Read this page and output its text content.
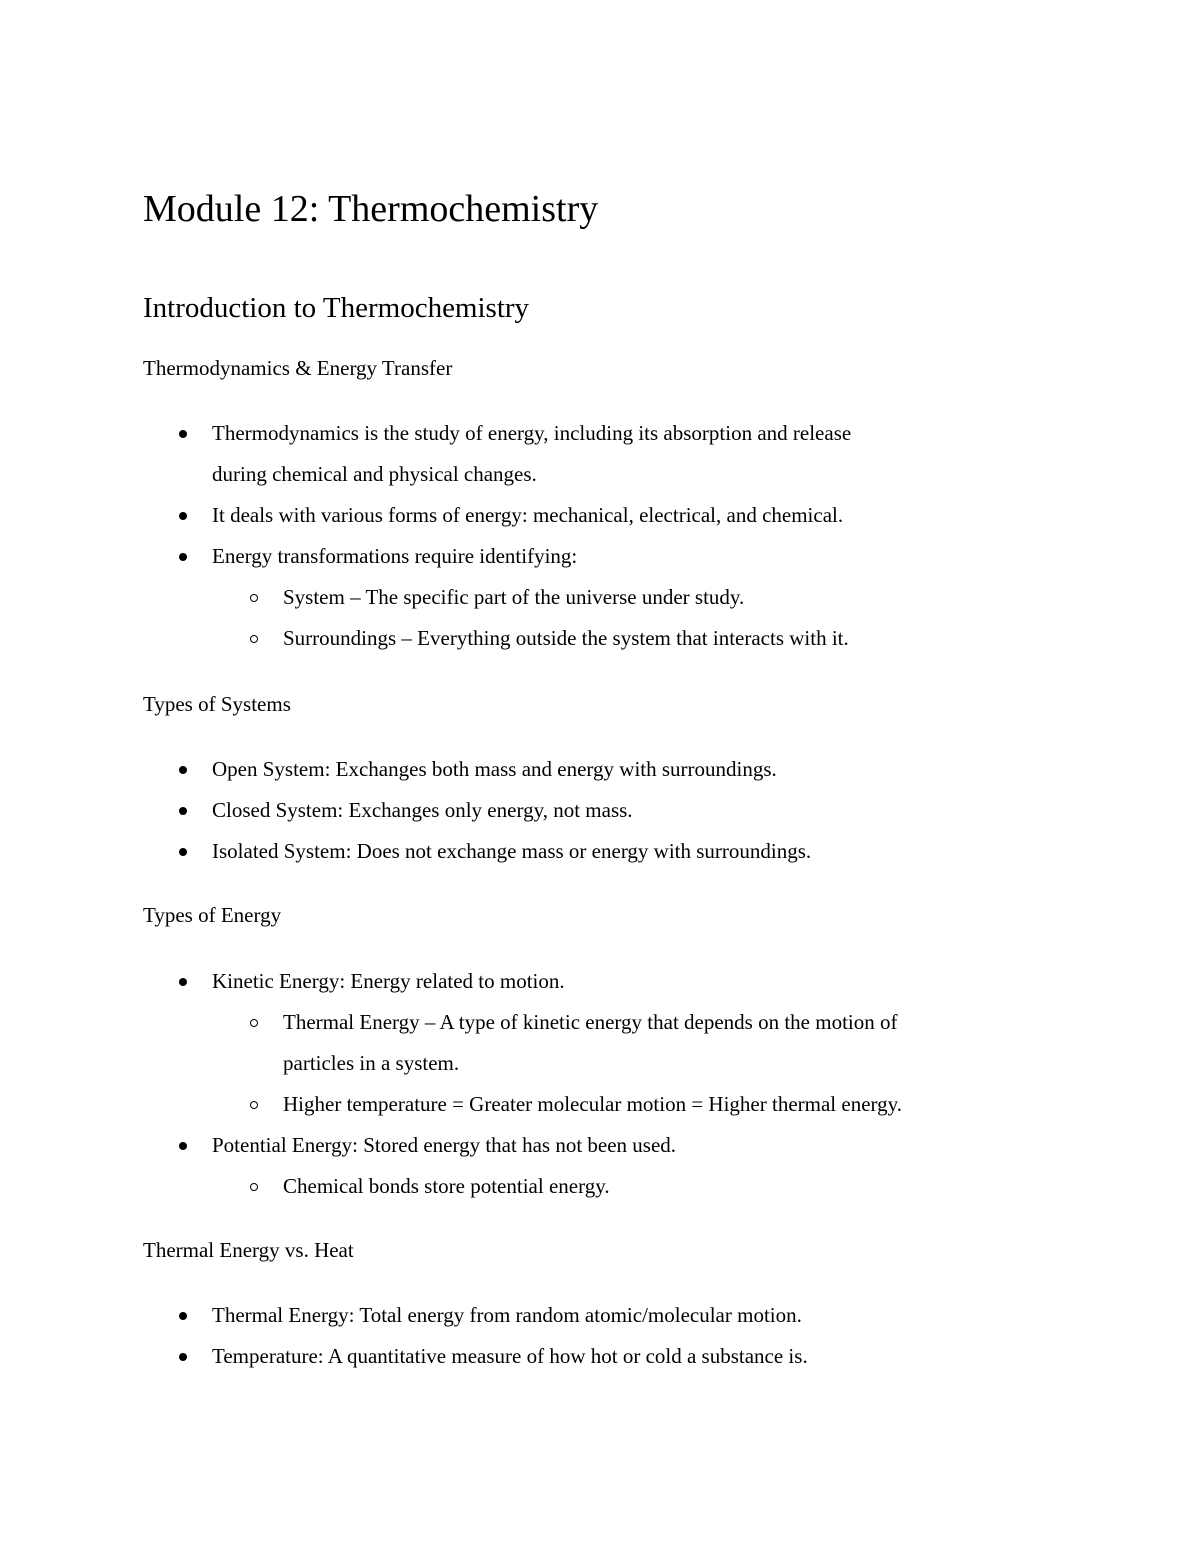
Module 12: Thermochemistry
Introduction to Thermochemistry
Thermodynamics & Energy Transfer
Thermodynamics is the study of energy, including its absorption and release
during chemical and physical changes.
It deals with various forms of energy: mechanical, electrical, and chemical.
Energy transformations require identifying:
System – The specific part of the universe under study.
Surroundings – Everything outside the system that interacts with it.
Types of Systems
Open System: Exchanges both mass and energy with surroundings.
Closed System: Exchanges only energy, not mass.
Isolated System: Does not exchange mass or energy with surroundings.
Types of Energy
Kinetic Energy: Energy related to motion.
Thermal Energy – A type of kinetic energy that depends on the motion of
particles in a system.
Higher temperature = Greater molecular motion = Higher thermal energy.
Potential Energy: Stored energy that has not been used.
Chemical bonds store potential energy.
Thermal Energy vs. Heat
Thermal Energy: Total energy from random atomic/molecular motion.
Temperature: A quantitative measure of how hot or cold a substance is.
